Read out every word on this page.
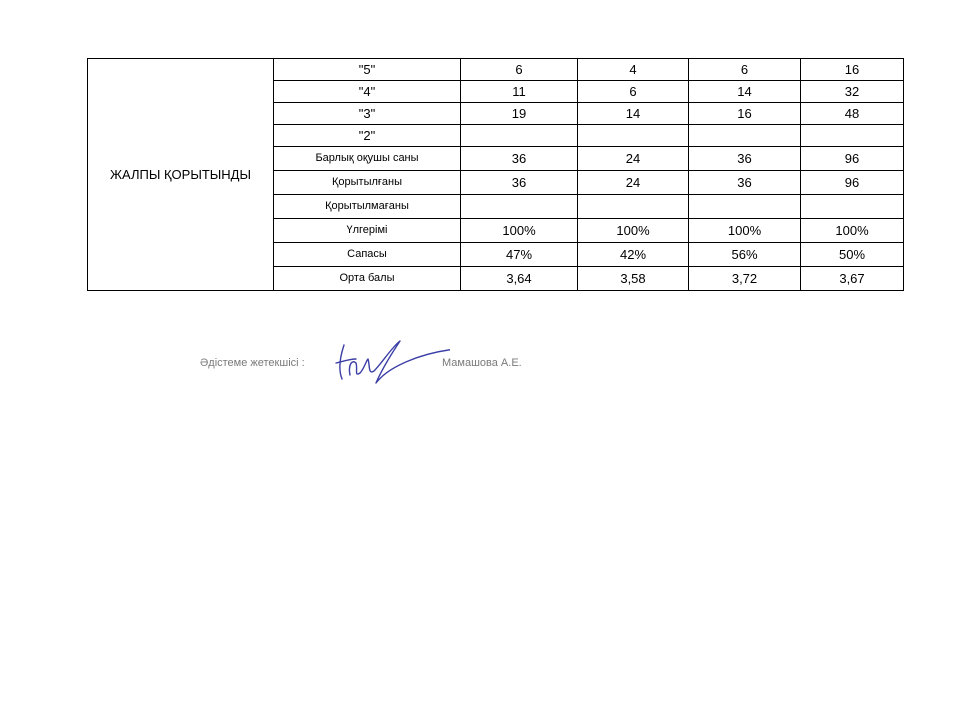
ЖАЛПЫ ҚОРЫТЫНДЫ	"5"	6	4	6	16
	"4"	11	6	14	32
	"3"	19	14	16	48
	"2"				
	Барлық оқушы саны	36	24	36	96
	Қорытылғаны	36	24	36	96
	Қорытылмағаны				
	Үлгерімі	100%	100%	100%	100%
	Сапасы	47%	42%	56%	50%
	Орта балы	3,64	3,58	3,72	3,67
Әдістеме жетекшісі :	Мамашова А.Е.
